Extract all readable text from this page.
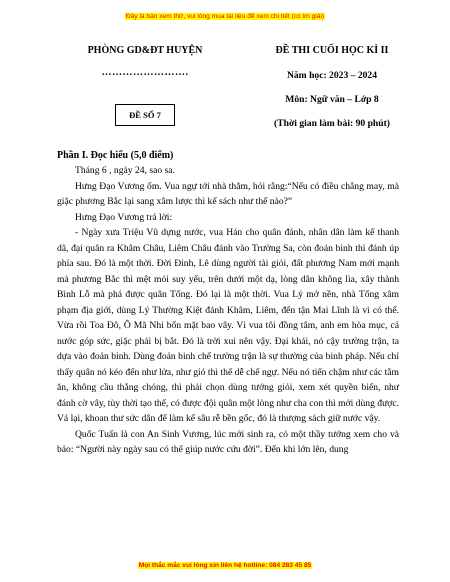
Đây là bản xem thử, vui lòng mua tài liệu để xem chi tiết (có lời giải)
PHÒNG GD&ĐT HUYỆN
…………………….
ĐỀ SỐ 7
ĐỀ THI CUỐI HỌC KÌ II
Năm học: 2023 – 2024
Môn: Ngữ văn – Lớp 8
(Thời gian làm bài: 90 phút)

Phần I. Đọc hiểu (5,0 điểm)

Tháng 6 , ngày 24, sao sa.

Hưng Đạo Vương ốm. Vua ngự tới nhà thăm, hỏi rằng:“Nếu có điều chẳng may, mà giặc phương Bắc lại sang xâm lược thì kế sách như thế nào?”

Hưng Đạo Vương trả lời:

- Ngày xưa Triệu Vũ dựng nước, vua Hán cho quân đánh, nhân dân làm kế thanh dã, đại quân ra Khâm Châu, Liêm Châu đánh vào Trường Sa, còn đoản binh thì đánh úp phía sau. Đó là một thời. Đời Đinh, Lê dùng người tài giỏi, đất phương Nam mới mạnh mà phương Bắc thì mệt mỏi suy yếu, trên dưới một dạ, lòng dân không lìa, xây thành Bình Lỗ mà phá được quân Tống. Đó lại là một thời. Vua Lý mở nền, nhà Tống xâm phạm địa giới, dùng Lý Thường Kiệt đánh Khâm, Liêm, đến tận Mai Lĩnh là vì có thế. Vừa rồi Toa Đô, Ô Mã Nhi bốn mặt bao vây. Vì vua tôi đồng tâm, anh em hòa mục, cả nước góp sức, giặc phải bị bắt. Đó là trời xui nên vậy. Đại khái, nó cậy trường trận, ta dựa vào đoản binh. Dùng đoản binh chế trường trận là sự thường của binh pháp. Nếu chỉ thấy quân nó kéo đến như lửa, như gió thì thế dễ chế ngự. Nếu nó tiến chậm như các tằm ăn, không cầu thắng chóng, thì phải chọn dùng tướng giỏi, xem xét quyền biến, như đánh cờ vây, tùy thời tạo thế, có được đội quân một lòng như cha con thì mới dùng được. Vả lại, khoan thư sức dân để làm kế sâu rễ bền gốc, đó là thượng sách giữ nước vậy.

Quốc Tuấn là con An Sinh Vương, lúc mới sinh ra, có một thầy tướng xem cho và bảo: “Người này ngày sau có thể giúp nước cứu đời”. Đến khi lớn lên, dung

Mọi thắc mắc vui lòng xin liên hệ hotline: 084 283 45 85
